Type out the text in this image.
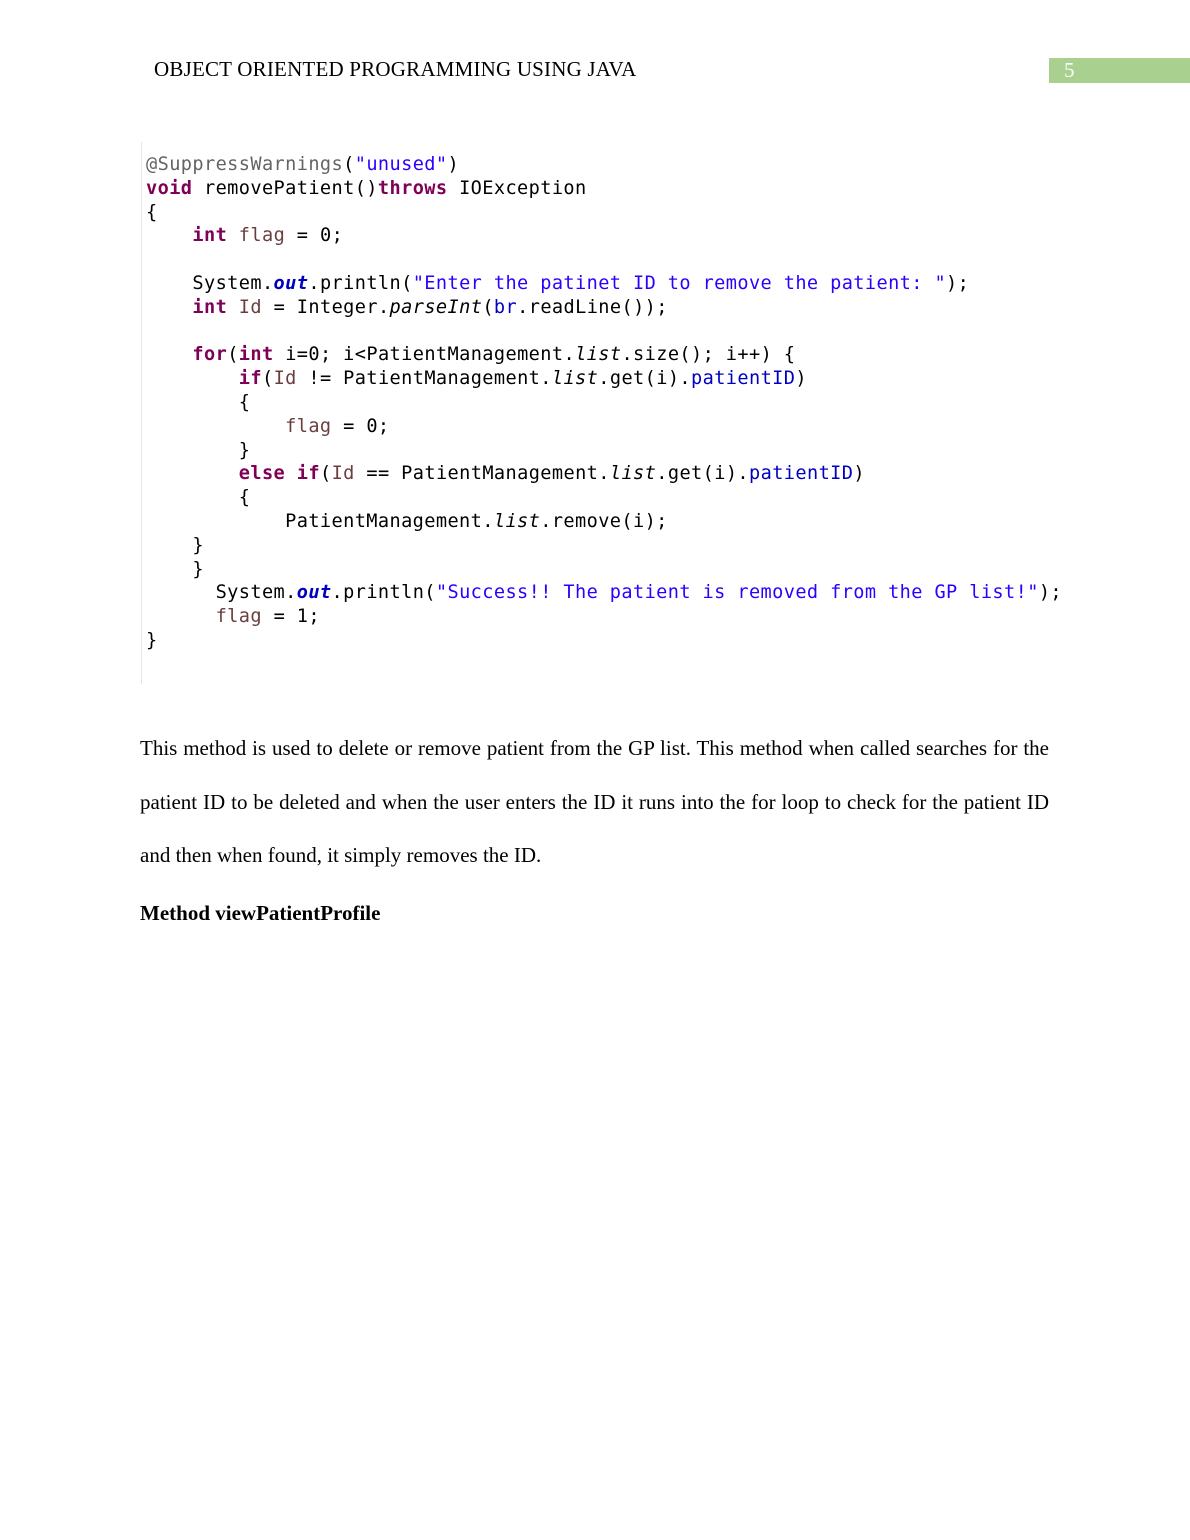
OBJECT ORIENTED PROGRAMMING USING JAVA	5
@SuppressWarnings("unused")
void removePatient()throws IOException
{
int flag = 0;

System.out.println("Enter the patinet ID to remove the patient: ");
int Id = Integer.parseInt(br.readLine());

for(int i=0; i<PatientManagement.list.size(); i++) {
if(Id != PatientManagement.list.get(i).patientID)
{
flag = 0;
}
else if(Id == PatientManagement.list.get(i).patientID)
{
PatientManagement.list.remove(i);
}
}
System.out.println("Success!! The patient is removed from the GP list!");
flag = 1;
}

This method is used to delete or remove patient from the GP list. This method when called searches for the patient ID to be deleted and when the user enters the ID it runs into the for loop to check for the patient ID and then when found, it simply removes the ID.

Method viewPatientProfile
